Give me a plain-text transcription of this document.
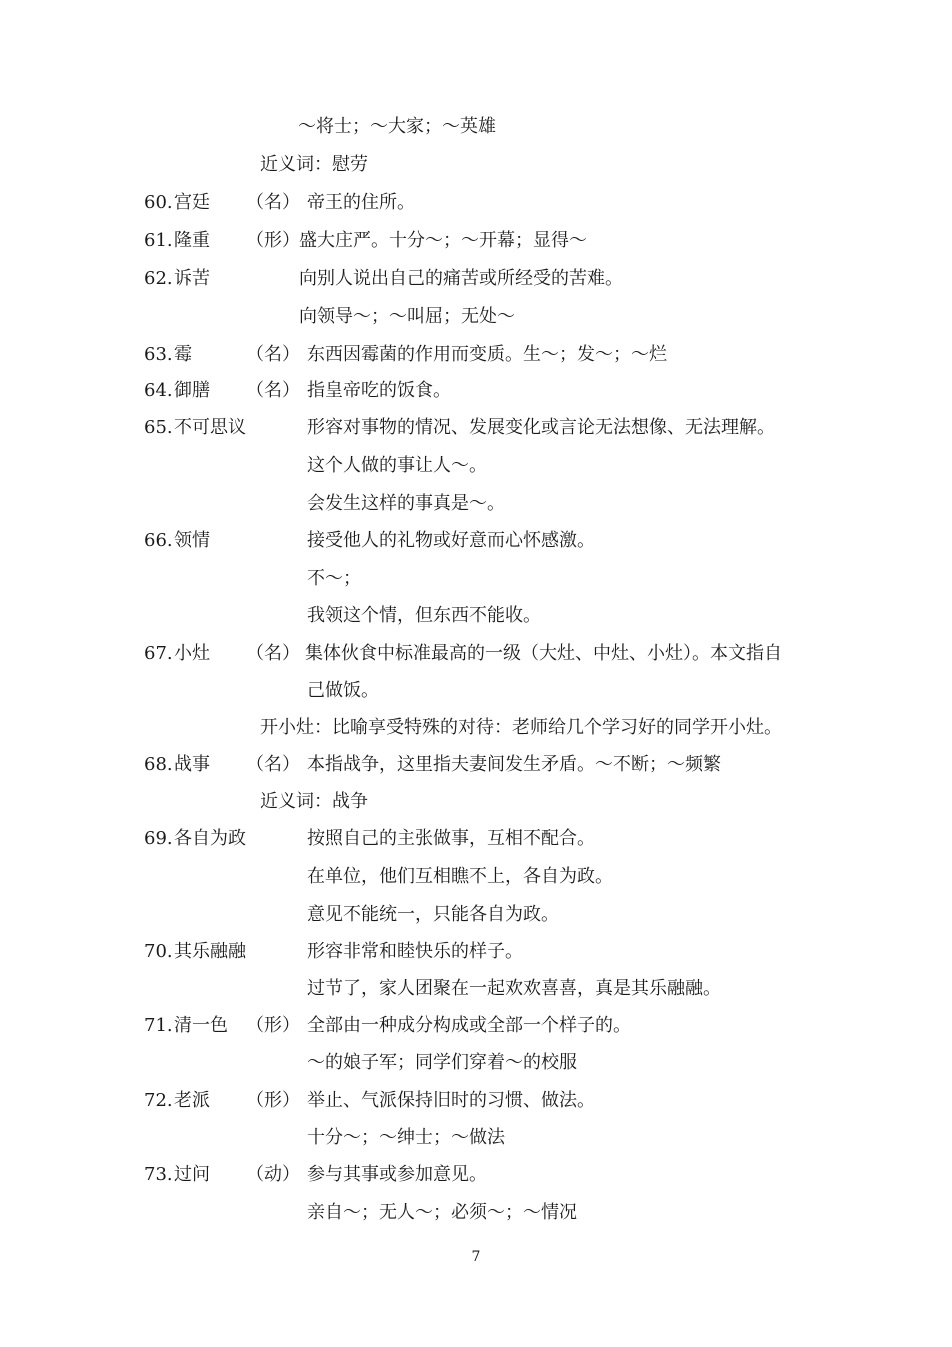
～将士；～大家；～英雄
近义词：慰劳
60. 宫廷 （名） 帝王的住所。
61. 隆重 （形） 盛大庄严。十分～；～开幕；显得～
62. 诉苦	向别人说出自己的痛苦或所经受的苦难。
向领导～；～叫屈；无处～
63. 霉	（名） 东西因霉菌的作用而变质。生～；发～；～烂
64. 御膳 （名） 指皇帝吃的饭食。
65. 不可思议	形容对事物的情况、发展变化或言论无法想像、无法理解。
这个人做的事让人～。
会发生这样的事真是～。
66. 领情	接受他人的礼物或好意而心怀感激。
不～；
我领这个情，但东西不能收。
67. 小灶 （名） 集体伙食中标准最高的一级（大灶、中灶、小灶）。本文指自
己做饭。
开小灶：比喻享受特殊的对待：老师给几个学习好的同学开小灶。
68. 战事 （名） 本指战争，这里指夫妻间发生矛盾。～不断；～频繁
近义词：战争
69. 各自为政	按照自己的主张做事，互相不配合。
在单位，他们互相瞧不上，各自为政。
意见不能统一，只能各自为政。
70. 其乐融融	形容非常和睦快乐的样子。
过节了，家人团聚在一起欢欢喜喜，真是其乐融融。
71. 清一色 （形） 全部由一种成分构成或全部一个样子的。
～的娘子军；同学们穿着～的校服
72. 老派 （形） 举止、气派保持旧时的习惯、做法。
十分～；～绅士；～做法
73. 过问 （动） 参与其事或参加意见。
亲自～；无人～；必须～；～情况
7
